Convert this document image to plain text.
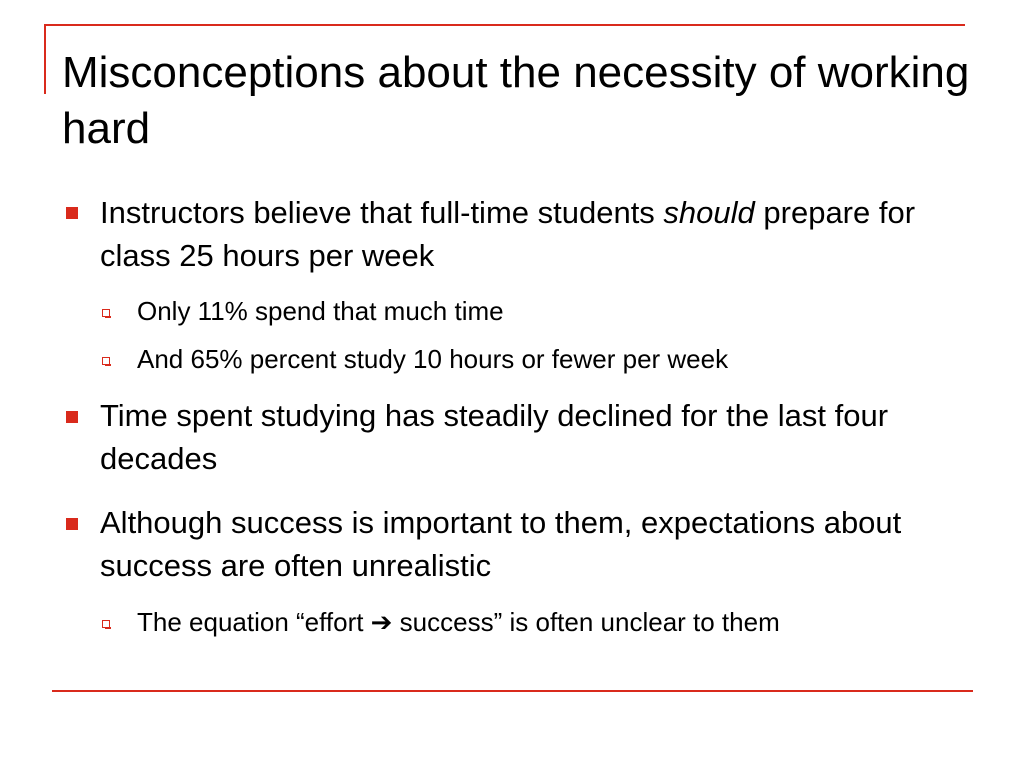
Misconceptions about the necessity of working hard
Instructors believe that full-time students should prepare for class 25 hours per week
Only 11% spend that much time
And 65% percent study 10 hours or fewer per week
Time spent studying has steadily declined for the last four decades
Although success is important to them, expectations about success are often unrealistic
The equation “effort ➔ success” is often unclear to them
